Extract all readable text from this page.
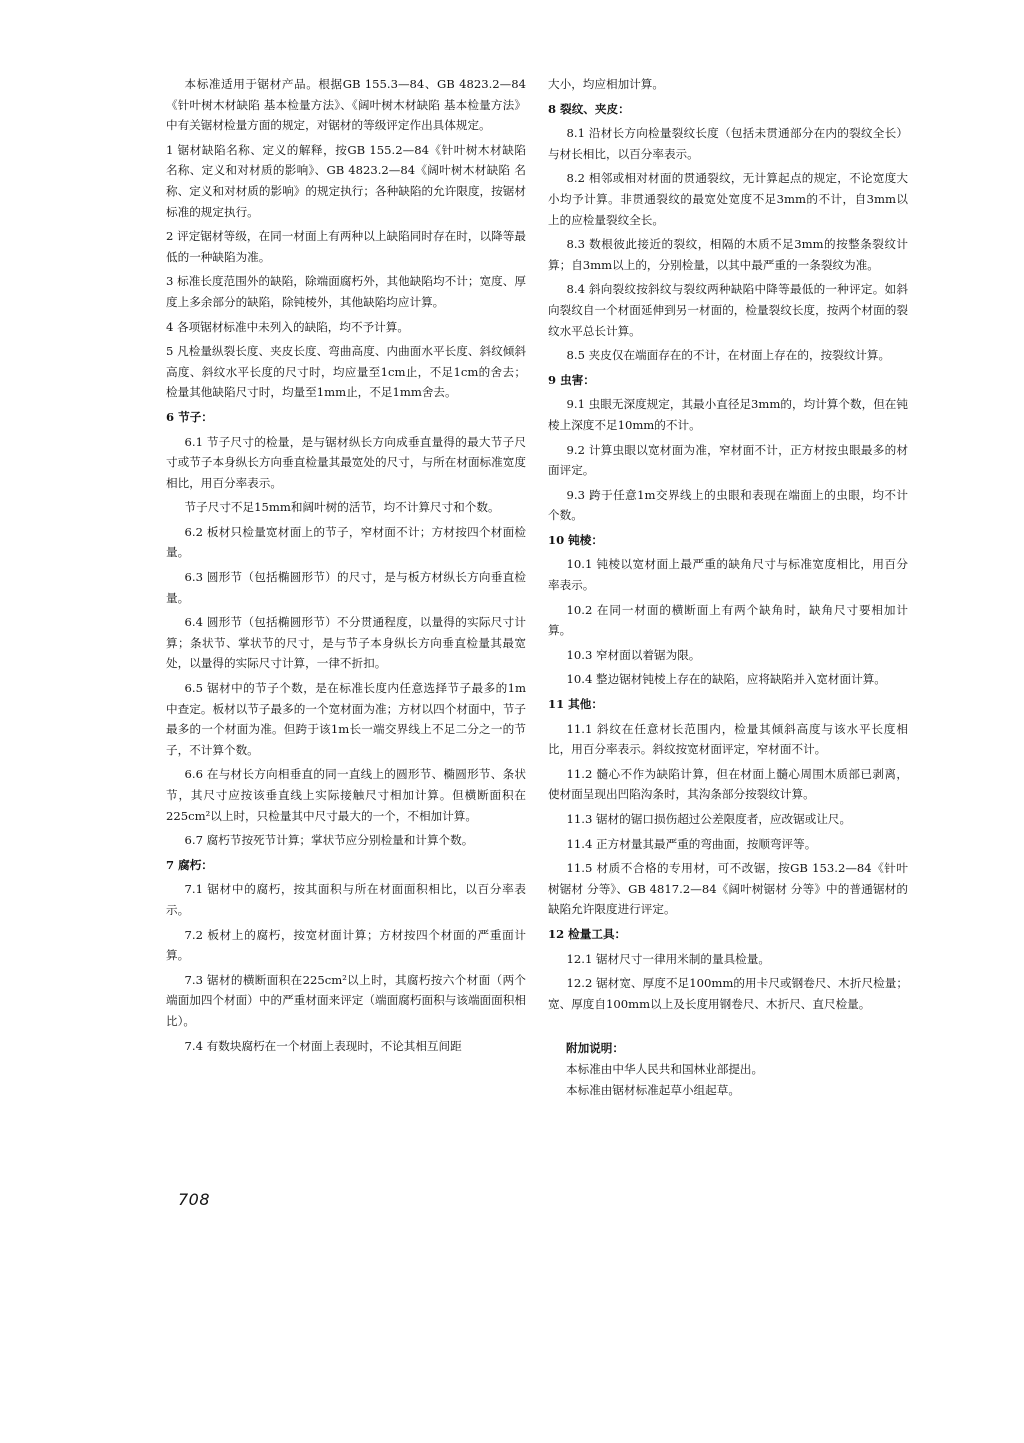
本标准适用于锯材产品。根据GB 155.3—84、GB 4823.2—84《针叶树木材缺陷 基本检量方法》、《阔叶树木材缺陷 基本检量方法》中有关锯材检量方面的规定，对锯材的等级评定作出具体规定。

1 锯材缺陷名称、定义的解释，按GB 155.2—84《针叶树木材缺陷 名称、定义和对材质的影响》、GB 4823.2—84《阔叶树木材缺陷 名称、定义和对材质的影响》的规定执行；各种缺陷的允许限度，按锯材标准的规定执行。

2 评定锯材等级，在同一材面上有两种以上缺陷同时存在时，以降等最低的一种缺陷为准。

3 标准长度范围外的缺陷，除端面腐朽外，其他缺陷均不计；宽度、厚度上多余部分的缺陷，除钝棱外，其他缺陷均应计算。

4 各项锯材标准中未列入的缺陷，均不予计算。

5 凡检量纵裂长度、夹皮长度、弯曲高度、内曲面水平长度、斜纹倾斜高度、斜纹水平长度的尺寸时，均应量至1cm止，不足1cm的舍去；检量其他缺陷尺寸时，均量至1mm止，不足1mm舍去。

6 节子：

6.1 节子尺寸的检量，是与锯材纵长方向成垂直量得的最大节子尺寸或节子本身纵长方向垂直检量其最宽处的尺寸，与所在材面标准宽度相比，用百分率表示。

节子尺寸不足15mm和阔叶树的活节，均不计算尺寸和个数。

6.2 板材只检量宽材面上的节子，窄材面不计；方材按四个材面检量。

6.3 圆形节（包括椭圆形节）的尺寸，是与板方材纵长方向垂直检量。

6.4 圆形节（包括椭圆形节）不分贯通程度，以量得的实际尺寸计算；条状节、掌状节的尺寸，是与节子本身纵长方向垂直检量其最宽处，以量得的实际尺寸计算，一律不折扣。

6.5 锯材中的节子个数，是在标准长度内任意选择节子最多的1m中查定。板材以节子最多的一个宽材面为准；方材以四个材面中，节子最多的一个材面为准。但跨于该1m长一端交界线上不足二分之一的节子，不计算个数。

6.6 在与材长方向相垂直的同一直线上的圆形节、椭圆形节、条状节，其尺寸应按该垂直线上实际接触尺寸相加计算。但横断面积在225cm²以上时，只检量其中尺寸最大的一个，不相加计算。

6.7 腐朽节按死节计算；掌状节应分别检量和计算个数。

7 腐朽：

7.1 锯材中的腐朽，按其面积与所在材面面积相比，以百分率表示。

7.2 板材上的腐朽，按宽材面计算；方材按四个材面的严重面计算。

7.3 锯材的横断面积在225cm²以上时，其腐朽按六个材面（两个端面加四个材面）中的严重材面来评定（端面腐朽面积与该端面面积相比）。

7.4 有数块腐朽在一个材面上表现时，不论其相互间距

大小，均应相加计算。

8 裂纹、夹皮：

8.1 沿材长方向检量裂纹长度（包括未贯通部分在内的裂纹全长）与材长相比，以百分率表示。

8.2 相邻或相对材面的贯通裂纹，无计算起点的规定，不论宽度大小均予计算。非贯通裂纹的最宽处宽度不足3mm的不计，自3mm以上的应检量裂纹全长。

8.3 数根彼此接近的裂纹，相隔的木质不足3mm的按整条裂纹计算；自3mm以上的，分别检量，以其中最严重的一条裂纹为准。

8.4 斜向裂纹按斜纹与裂纹两种缺陷中降等最低的一种评定。如斜向裂纹自一个材面延伸到另一材面的，检量裂纹长度，按两个材面的裂纹水平总长计算。

8.5 夹皮仅在端面存在的不计，在材面上存在的，按裂纹计算。

9 虫害：

9.1 虫眼无深度规定，其最小直径足3mm的，均计算个数，但在钝棱上深度不足10mm的不计。

9.2 计算虫眼以宽材面为准，窄材面不计，正方材按虫眼最多的材面评定。

9.3 跨于任意1m交界线上的虫眼和表现在端面上的虫眼，均不计个数。

10 钝棱：

10.1 钝棱以宽材面上最严重的缺角尺寸与标准宽度相比，用百分率表示。

10.2 在同一材面的横断面上有两个缺角时，缺角尺寸要相加计算。

10.3 窄材面以着锯为限。

10.4 整边锯材钝棱上存在的缺陷，应将缺陷并入宽材面计算。

11 其他：

11.1 斜纹在任意材长范围内，检量其倾斜高度与该水平长度相比，用百分率表示。斜纹按宽材面评定，窄材面不计。

11.2 髓心不作为缺陷计算，但在材面上髓心周围木质部已剥离，使材面呈现出凹陷沟条时，其沟条部分按裂纹计算。

11.3 锯材的锯口损伤超过公差限度者，应改锯或让尺。

11.4 正方材量其最严重的弯曲面，按顺弯评等。

11.5 材质不合格的专用材，可不改锯，按GB 153.2—84《针叶树锯材 分等》、GB 4817.2—84《阔叶树锯材 分等》中的普通锯材的缺陷允许限度进行评定。

12 检量工具：

12.1 锯材尺寸一律用米制的量具检量。

12.2 锯材宽、厚度不足100mm的用卡尺或钢卷尺、木折尺检量；宽、厚度自100mm以上及长度用钢卷尺、木折尺、直尺检量。

附加说明：
本标准由中华人民共和国林业部提出。
本标准由锯材标准起草小组起草。
708
